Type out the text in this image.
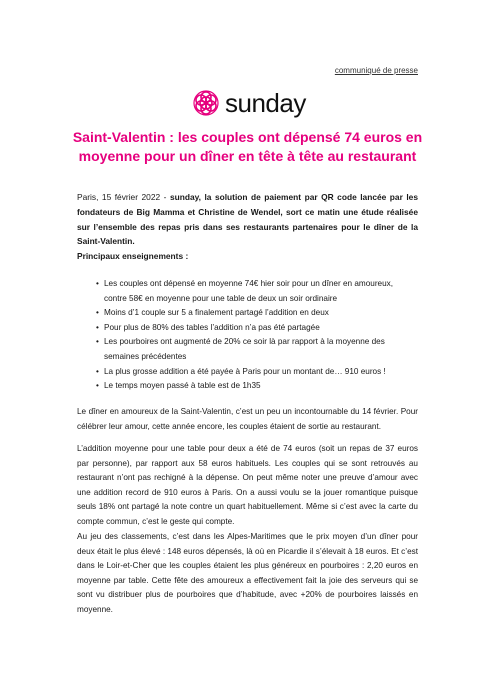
communiqué de presse
sunday
Saint-Valentin : les couples ont dépensé 74 euros en moyenne pour un dîner en tête à tête au restaurant

Paris, 15 février 2022 - sunday, la solution de paiement par QR code lancée par les fondateurs de Big Mamma et Christine de Wendel, sort ce matin une étude réalisée sur l’ensemble des repas pris dans ses restaurants partenaires pour le dîner de la Saint-Valentin.

Principaux enseignements :

• Les couples ont dépensé en moyenne 74€ hier soir pour un dîner en amoureux, contre 58€ en moyenne pour une table de deux un soir ordinaire
• Moins d’1 couple sur 5 a finalement partagé l’addition en deux
• Pour plus de 80% des tables l’addition n’a pas été partagée
• Les pourboires ont augmenté de 20% ce soir là par rapport à la moyenne des semaines précédentes
• La plus grosse addition a été payée à Paris pour un montant de… 910 euros !
• Le temps moyen passé à table est de 1h35

Le dîner en amoureux de la Saint-Valentin, c’est un peu un incontournable du 14 février. Pour célébrer leur amour, cette année encore, les couples étaient de sortie au restaurant.

L’addition moyenne pour une table pour deux a été de 74 euros (soit un repas de 37 euros par personne), par rapport aux 58 euros habituels. Les couples qui se sont retrouvés au restaurant n’ont pas rechigné à la dépense. On peut même noter une preuve d’amour avec une addition record de 910 euros à Paris. On a aussi voulu se la jouer romantique puisque seuls 18% ont partagé la note contre un quart habituellement. Même si c’est avec la carte du compte commun, c’est le geste qui compte.

Au jeu des classements, c’est dans les Alpes-Maritimes que le prix moyen d’un dîner pour deux était le plus élevé : 148 euros dépensés, là où en Picardie il s’élevait à 18 euros. Et c’est dans le Loir-et-Cher que les couples étaient les plus généreux en pourboires : 2,20 euros en moyenne par table. Cette fête des amoureux a effectivement fait la joie des serveurs qui se sont vu distribuer plus de pourboires que d’habitude, avec +20% de pourboires laissés en moyenne.
